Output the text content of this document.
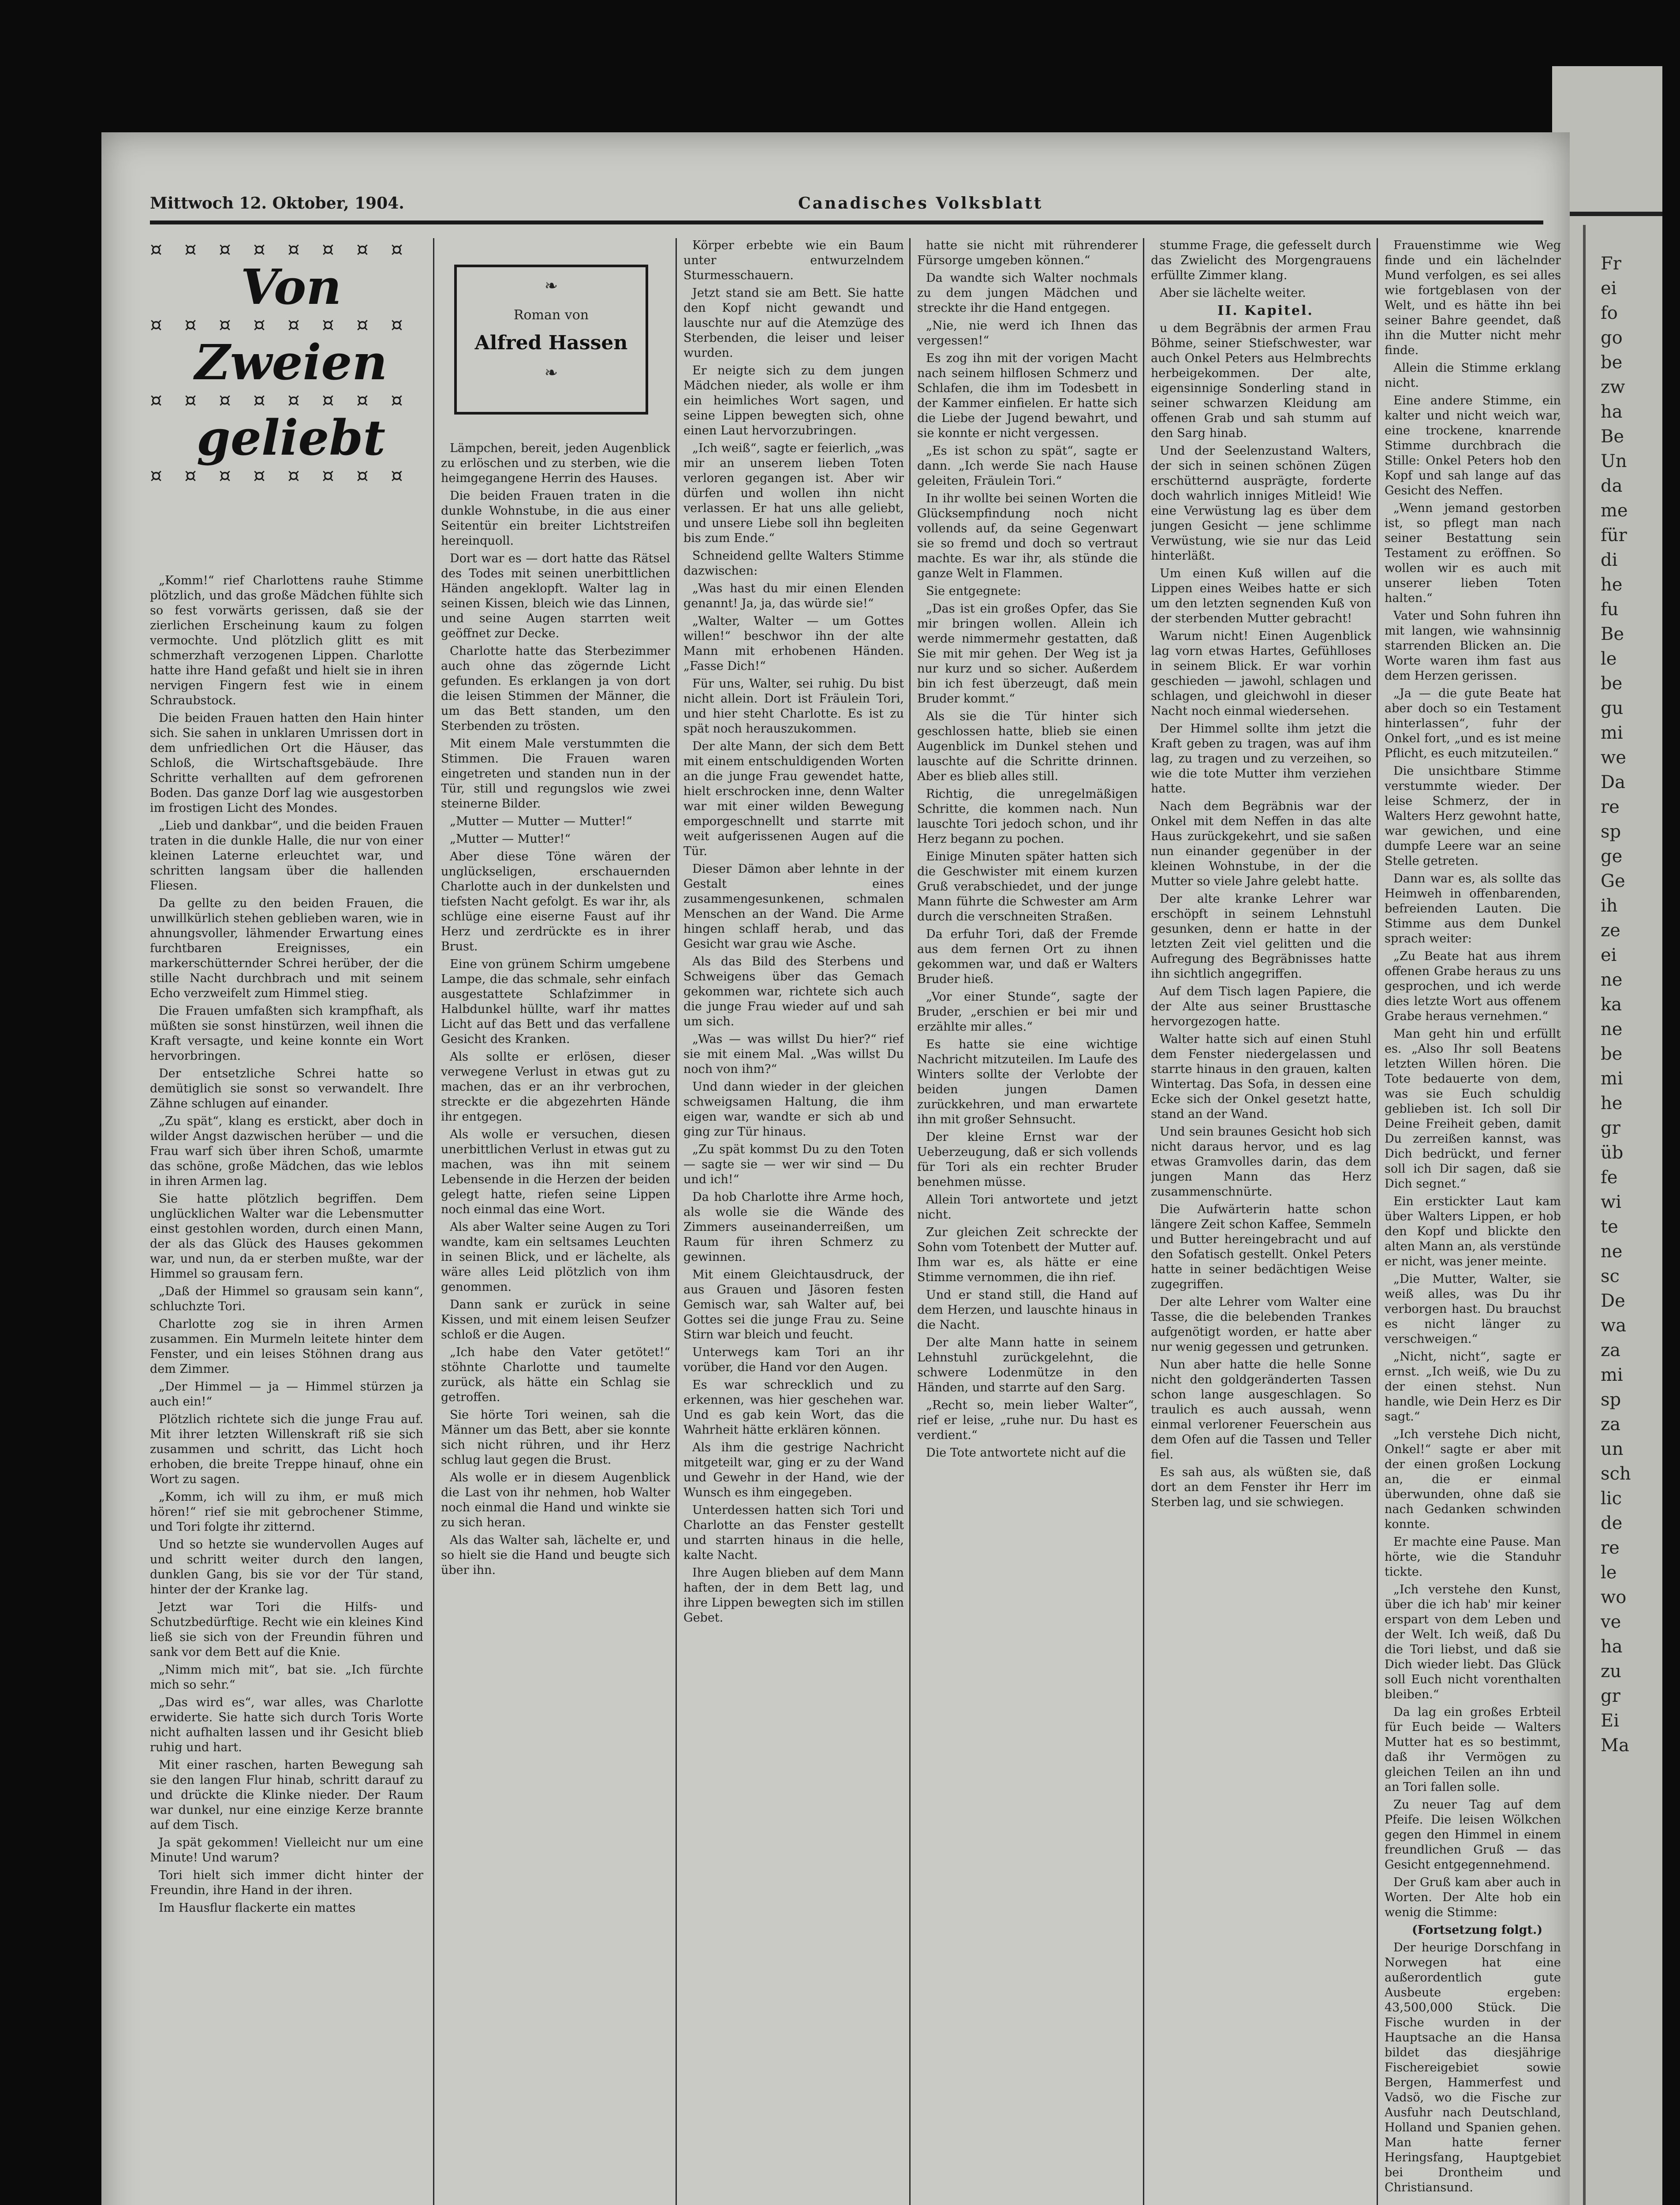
Fr
ei
fo
go
be
zw
ha
Be
Un
da
me
für
di
he
fu
Be
le
be
gu
mi
we
Da
re
sp
ge
Ge
ih
ze
ei
ne
ka
ne
be
mi
he
gr
üb
fe
wi
te
ne
sc
De
wa
za
mi
sp
za
un
sch
lic
de
re
le
wo
ve
ha
zu
gr
Ei
Ma
Mittwoch 12. Oktober, 1904.	Canadisches Volksblatt
¤ ¤ ¤ ¤ ¤ ¤ ¤ ¤
Von
¤ ¤ ¤ ¤ ¤ ¤ ¤ ¤
Zweien
¤ ¤ ¤ ¤ ¤ ¤ ¤ ¤
geliebt
¤ ¤ ¤ ¤ ¤ ¤ ¤ ¤
❧
Roman von
Alfred Hassen
❧

„Komm!“ rief Charlottens rauhe Stimme plötzlich, und das große Mädchen fühlte sich so fest vorwärts gerissen, daß sie der zierlichen Erscheinung kaum zu folgen vermochte. Und plötzlich glitt es mit schmerzhaft verzogenen Lippen. Charlotte hatte ihre Hand gefaßt und hielt sie in ihren nervigen Fingern fest wie in einem Schraubstock.

Die beiden Frauen hatten den Hain hinter sich. Sie sahen in unklaren Umrissen dort in dem unfriedlichen Ort die Häuser, das Schloß, die Wirtschaftsgebäude. Ihre Schritte verhallten auf dem gefrorenen Boden. Das ganze Dorf lag wie ausgestorben im frostigen Licht des Mondes.

„Lieb und dankbar“, und die beiden Frauen traten in die dunkle Halle, die nur von einer kleinen Laterne erleuchtet war, und schritten langsam über die hallenden Fliesen.

Da gellte zu den beiden Frauen, die unwillkürlich stehen geblieben waren, wie in ahnungsvoller, lähmender Erwartung eines furchtbaren Ereignisses, ein markerschütternder Schrei herüber, der die stille Nacht durchbrach und mit seinem Echo verzweifelt zum Himmel stieg.

Die Frauen umfaßten sich krampfhaft, als müßten sie sonst hinstürzen, weil ihnen die Kraft versagte, und keine konnte ein Wort hervorbringen.

Der entsetzliche Schrei hatte so demütiglich sie sonst so verwandelt. Ihre Zähne schlugen auf einander.

„Zu spät“, klang es erstickt, aber doch in wilder Angst dazwischen herüber — und die Frau warf sich über ihren Schoß, umarmte das schöne, große Mädchen, das wie leblos in ihren Armen lag.

Sie hatte plötzlich begriffen. Dem unglücklichen Walter war die Lebensmutter einst gestohlen worden, durch einen Mann, der als das Glück des Hauses gekommen war, und nun, da er sterben mußte, war der Himmel so grausam fern.

„Daß der Himmel so grausam sein kann“, schluchzte Tori.

Charlotte zog sie in ihren Armen zusammen. Ein Murmeln leitete hinter dem Fenster, und ein leises Stöhnen drang aus dem Zimmer.

„Der Himmel — ja — Himmel stürzen ja auch ein!“

Plötzlich richtete sich die junge Frau auf. Mit ihrer letzten Willenskraft riß sie sich zusammen und schritt, das Licht hoch erhoben, die breite Treppe hinauf, ohne ein Wort zu sagen.

„Komm, ich will zu ihm, er muß mich hören!“ rief sie mit gebrochener Stimme, und Tori folgte ihr zitternd.

Und so hetzte sie wundervollen Auges auf und schritt weiter durch den langen, dunklen Gang, bis sie vor der Tür stand, hinter der der Kranke lag.

Jetzt war Tori die Hilfs- und Schutzbedürftige. Recht wie ein kleines Kind ließ sie sich von der Freundin führen und sank vor dem Bett auf die Knie.

„Nimm mich mit“, bat sie. „Ich fürchte mich so sehr.“

„Das wird es“, war alles, was Charlotte erwiderte. Sie hatte sich durch Toris Worte nicht aufhalten lassen und ihr Gesicht blieb ruhig und hart.

Mit einer raschen, harten Bewegung sah sie den langen Flur hinab, schritt darauf zu und drückte die Klinke nieder. Der Raum war dunkel, nur eine einzige Kerze brannte auf dem Tisch.

Ja spät gekommen! Vielleicht nur um eine Minute! Und warum?

Tori hielt sich immer dicht hinter der Freundin, ihre Hand in der ihren.

Im Hausflur flackerte ein mattes

Lämpchen, bereit, jeden Augenblick zu erlöschen und zu sterben, wie die heimgegangene Herrin des Hauses.

Die beiden Frauen traten in die dunkle Wohnstube, in die aus einer Seitentür ein breiter Lichtstreifen hereinquoll.

Dort war es — dort hatte das Rätsel des Todes mit seinen unerbittlichen Händen angeklopft. Walter lag in seinen Kissen, bleich wie das Linnen, und seine Augen starrten weit geöffnet zur Decke.

Charlotte hatte das Sterbezimmer auch ohne das zögernde Licht gefunden. Es erklangen ja von dort die leisen Stimmen der Männer, die um das Bett standen, um den Sterbenden zu trösten.

Mit einem Male verstummten die Stimmen. Die Frauen waren eingetreten und standen nun in der Tür, still und regungslos wie zwei steinerne Bilder.

„Mutter — Mutter — Mutter!“

„Mutter — Mutter!“

Aber diese Töne wären der unglückseligen, erschauernden Charlotte auch in der dunkelsten und tiefsten Nacht gefolgt. Es war ihr, als schlüge eine eiserne Faust auf ihr Herz und zerdrückte es in ihrer Brust.

Eine von grünem Schirm umgebene Lampe, die das schmale, sehr einfach ausgestattete Schlafzimmer in Halbdunkel hüllte, warf ihr mattes Licht auf das Bett und das verfallene Gesicht des Kranken.

Als sollte er erlösen, dieser verwegene Verlust in etwas gut zu machen, das er an ihr verbrochen, streckte er die abgezehrten Hände ihr entgegen.

Als wolle er versuchen, diesen unerbittlichen Verlust in etwas gut zu machen, was ihn mit seinem Lebensende in die Herzen der beiden gelegt hatte, riefen seine Lippen noch einmal das eine Wort.

Als aber Walter seine Augen zu Tori wandte, kam ein seltsames Leuchten in seinen Blick, und er lächelte, als wäre alles Leid plötzlich von ihm genommen.

Dann sank er zurück in seine Kissen, und mit einem leisen Seufzer schloß er die Augen.

„Ich habe den Vater getötet!“ stöhnte Charlotte und taumelte zurück, als hätte ein Schlag sie getroffen.

Sie hörte Tori weinen, sah die Männer um das Bett, aber sie konnte sich nicht rühren, und ihr Herz schlug laut gegen die Brust.

Als wolle er in diesem Augenblick die Last von ihr nehmen, hob Walter noch einmal die Hand und winkte sie zu sich heran.

Als das Walter sah, lächelte er, und so hielt sie die Hand und beugte sich über ihn.

Körper erbebte wie ein Baum unter entwurzelndem Sturmesschauern.

Jetzt stand sie am Bett. Sie hatte den Kopf nicht gewandt und lauschte nur auf die Atemzüge des Sterbenden, die leiser und leiser wurden.

Er neigte sich zu dem jungen Mädchen nieder, als wolle er ihm ein heimliches Wort sagen, und seine Lippen bewegten sich, ohne einen Laut hervorzubringen.

„Ich weiß“, sagte er feierlich, „was mir an unserem lieben Toten verloren gegangen ist. Aber wir dürfen und wollen ihn nicht verlassen. Er hat uns alle geliebt, und unsere Liebe soll ihn begleiten bis zum Ende.“

Schneidend gellte Walters Stimme dazwischen:

„Was hast du mir einen Elenden genannt! Ja, ja, das würde sie!“

„Walter, Walter — um Gottes willen!“ beschwor ihn der alte Mann mit erhobenen Händen. „Fasse Dich!“

Für uns, Walter, sei ruhig. Du bist nicht allein. Dort ist Fräulein Tori, und hier steht Charlotte. Es ist zu spät noch herauszukommen.

Der alte Mann, der sich dem Bett mit einem entschuldigenden Worten an die junge Frau gewendet hatte, hielt erschrocken inne, denn Walter war mit einer wilden Bewegung emporgeschnellt und starrte mit weit aufgerissenen Augen auf die Tür.

Dieser Dämon aber lehnte in der Gestalt eines zusammengesunkenen, schmalen Menschen an der Wand. Die Arme hingen schlaff herab, und das Gesicht war grau wie Asche.

Als das Bild des Sterbens und Schweigens über das Gemach gekommen war, richtete sich auch die junge Frau wieder auf und sah um sich.

„Was — was willst Du hier?“ rief sie mit einem Mal. „Was willst Du noch von ihm?“

Und dann wieder in der gleichen schweigsamen Haltung, die ihm eigen war, wandte er sich ab und ging zur Tür hinaus.

„Zu spät kommst Du zu den Toten — sagte sie — wer wir sind — Du und ich!“

Da hob Charlotte ihre Arme hoch, als wolle sie die Wände des Zimmers auseinanderreißen, um Raum für ihren Schmerz zu gewinnen.

Mit einem Gleichtausdruck, der aus Grauen und Jäsoren festen Gemisch war, sah Walter auf, bei Gottes sei die junge Frau zu. Seine Stirn war bleich und feucht.

Unterwegs kam Tori an ihr vorüber, die Hand vor den Augen.

Es war schrecklich und zu erkennen, was hier geschehen war. Und es gab kein Wort, das die Wahrheit hätte erklären können.

Als ihm die gestrige Nachricht mitgeteilt war, ging er zu der Wand und Gewehr in der Hand, wie der Wunsch es ihm eingegeben.

Unterdessen hatten sich Tori und Charlotte an das Fenster gestellt und starrten hinaus in die helle, kalte Nacht.

Ihre Augen blieben auf dem Mann haften, der in dem Bett lag, und ihre Lippen bewegten sich im stillen Gebet.

hatte sie nicht mit rührenderer Fürsorge umgeben können.“

Da wandte sich Walter nochmals zu dem jungen Mädchen und streckte ihr die Hand entgegen.

„Nie, nie werd ich Ihnen das vergessen!“

Es zog ihn mit der vorigen Macht nach seinem hilflosen Schmerz und Schlafen, die ihm im Todesbett in der Kammer einfielen. Er hatte sich die Liebe der Jugend bewahrt, und sie konnte er nicht vergessen.

„Es ist schon zu spät“, sagte er dann. „Ich werde Sie nach Hause geleiten, Fräulein Tori.“

In ihr wollte bei seinen Worten die Glücksempfindung noch nicht vollends auf, da seine Gegenwart sie so fremd und doch so vertraut machte. Es war ihr, als stünde die ganze Welt in Flammen.

Sie entgegnete:

„Das ist ein großes Opfer, das Sie mir bringen wollen. Allein ich werde nimmermehr gestatten, daß Sie mit mir gehen. Der Weg ist ja nur kurz und so sicher. Außerdem bin ich fest überzeugt, daß mein Bruder kommt.“

Als sie die Tür hinter sich geschlossen hatte, blieb sie einen Augenblick im Dunkel stehen und lauschte auf die Schritte drinnen. Aber es blieb alles still.

Richtig, die unregelmäßigen Schritte, die kommen nach. Nun lauschte Tori jedoch schon, und ihr Herz begann zu pochen.

Einige Minuten später hatten sich die Geschwister mit einem kurzen Gruß verabschiedet, und der junge Mann führte die Schwester am Arm durch die verschneiten Straßen.

Da erfuhr Tori, daß der Fremde aus dem fernen Ort zu ihnen gekommen war, und daß er Walters Bruder hieß.

„Vor einer Stunde“, sagte der Bruder, „erschien er bei mir und erzählte mir alles.“

Es hatte sie eine wichtige Nachricht mitzuteilen. Im Laufe des Winters sollte der Verlobte der beiden jungen Damen zurückkehren, und man erwartete ihn mit großer Sehnsucht.

Der kleine Ernst war der Ueberzeugung, daß er sich vollends für Tori als ein rechter Bruder benehmen müsse.

Allein Tori antwortete und jetzt nicht.

Zur gleichen Zeit schreckte der Sohn vom Totenbett der Mutter auf. Ihm war es, als hätte er eine Stimme vernommen, die ihn rief.

Und er stand still, die Hand auf dem Herzen, und lauschte hinaus in die Nacht.

Der alte Mann hatte in seinem Lehnstuhl zurückgelehnt, die schwere Lodenmütze in den Händen, und starrte auf den Sarg.

„Recht so, mein lieber Walter“, rief er leise, „ruhe nur. Du hast es verdient.“

Die Tote antwortete nicht auf die

stumme Frage, die gefesselt durch das Zwielicht des Morgengrauens erfüllte Zimmer klang.

Aber sie lächelte weiter.

II. Kapitel.

u dem Begräbnis der armen Frau Böhme, seiner Stiefschwester, war auch Onkel Peters aus Helmbrechts herbeigekommen. Der alte, eigensinnige Sonderling stand in seiner schwarzen Kleidung am offenen Grab und sah stumm auf den Sarg hinab.

Und der Seelenzustand Walters, der sich in seinen schönen Zügen erschütternd ausprägte, forderte doch wahrlich inniges Mitleid! Wie eine Verwüstung lag es über dem jungen Gesicht — jene schlimme Verwüstung, wie sie nur das Leid hinterläßt.

Um einen Kuß willen auf die Lippen eines Weibes hatte er sich um den letzten segnenden Kuß von der sterbenden Mutter gebracht!

Warum nicht! Einen Augenblick lag vorn etwas Hartes, Gefühlloses in seinem Blick. Er war vorhin geschieden — jawohl, schlagen und schlagen, und gleichwohl in dieser Nacht noch einmal wiedersehen.

Der Himmel sollte ihm jetzt die Kraft geben zu tragen, was auf ihm lag, zu tragen und zu verzeihen, so wie die tote Mutter ihm verziehen hatte.

Nach dem Begräbnis war der Onkel mit dem Neffen in das alte Haus zurückgekehrt, und sie saßen nun einander gegenüber in der kleinen Wohnstube, in der die Mutter so viele Jahre gelebt hatte.

Der alte kranke Lehrer war erschöpft in seinem Lehnstuhl gesunken, denn er hatte in der letzten Zeit viel gelitten und die Aufregung des Begräbnisses hatte ihn sichtlich angegriffen.

Auf dem Tisch lagen Papiere, die der Alte aus seiner Brusttasche hervorgezogen hatte.

Walter hatte sich auf einen Stuhl dem Fenster niedergelassen und starrte hinaus in den grauen, kalten Wintertag. Das Sofa, in dessen eine Ecke sich der Onkel gesetzt hatte, stand an der Wand.

Und sein braunes Gesicht hob sich nicht daraus hervor, und es lag etwas Gramvolles darin, das dem jungen Mann das Herz zusammenschnürte.

Die Aufwärterin hatte schon längere Zeit schon Kaffee, Semmeln und Butter hereingebracht und auf den Sofatisch gestellt. Onkel Peters hatte in seiner bedächtigen Weise zugegriffen.

Der alte Lehrer vom Walter eine Tasse, die die belebenden Trankes aufgenötigt worden, er hatte aber nur wenig gegessen und getrunken.

Nun aber hatte die helle Sonne nicht den goldgeränderten Tassen schon lange ausgeschlagen. So traulich es auch aussah, wenn einmal verlorener Feuerschein aus dem Ofen auf die Tassen und Teller fiel.

Es sah aus, als wüßten sie, daß dort an dem Fenster ihr Herr im Sterben lag, und sie schwiegen.

Frauenstimme wie Weg finde und ein lächelnder Mund verfolgen, es sei alles wie fortgeblasen von der Welt, und es hätte ihn bei seiner Bahre geendet, daß ihn die Mutter nicht mehr finde.

Allein die Stimme erklang nicht.

Eine andere Stimme, ein kalter und nicht weich war, eine trockene, knarrende Stimme durchbrach die Stille: Onkel Peters hob den Kopf und sah lange auf das Gesicht des Neffen.

„Wenn jemand gestorben ist, so pflegt man nach seiner Bestattung sein Testament zu eröffnen. So wollen wir es auch mit unserer lieben Toten halten.“

Vater und Sohn fuhren ihn mit langen, wie wahnsinnig starrenden Blicken an. Die Worte waren ihm fast aus dem Herzen gerissen.

„Ja — die gute Beate hat aber doch so ein Testament hinterlassen“, fuhr der Onkel fort, „und es ist meine Pflicht, es euch mitzuteilen.“

Die unsichtbare Stimme verstummte wieder. Der leise Schmerz, der in Walters Herz gewohnt hatte, war gewichen, und eine dumpfe Leere war an seine Stelle getreten.

Dann war es, als sollte das Heimweh in offenbarenden, befreienden Lauten. Die Stimme aus dem Dunkel sprach weiter:

„Zu Beate hat aus ihrem offenen Grabe heraus zu uns gesprochen, und ich werde dies letzte Wort aus offenem Grabe heraus vernehmen.“

Man geht hin und erfüllt es. „Also Ihr soll Beatens letzten Willen hören. Die Tote bedauerte von dem, was sie Euch schuldig geblieben ist. Ich soll Dir Deine Freiheit geben, damit Du zerreißen kannst, was Dich bedrückt, und ferner soll ich Dir sagen, daß sie Dich segnet.“

Ein erstickter Laut kam über Walters Lippen, er hob den Kopf und blickte den alten Mann an, als verstünde er nicht, was jener meinte.

„Die Mutter, Walter, sie weiß alles, was Du ihr verborgen hast. Du brauchst es nicht länger zu verschweigen.“

„Nicht, nicht“, sagte er ernst. „Ich weiß, wie Du zu der einen stehst. Nun handle, wie Dein Herz es Dir sagt.“

„Ich verstehe Dich nicht, Onkel!“ sagte er aber mit der einen großen Lockung an, die er einmal überwunden, ohne daß sie nach Gedanken schwinden konnte.

Er machte eine Pause. Man hörte, wie die Standuhr tickte.

„Ich verstehe den Kunst, über die ich hab' mir keiner erspart von dem Leben und der Welt. Ich weiß, daß Du die Tori liebst, und daß sie Dich wieder liebt. Das Glück soll Euch nicht vorenthalten bleiben.“

Da lag ein großes Erbteil für Euch beide — Walters Mutter hat es so bestimmt, daß ihr Vermögen zu gleichen Teilen an ihn und an Tori fallen solle.

Zu neuer Tag auf dem Pfeife. Die leisen Wölkchen gegen den Himmel in einem freundlichen Gruß — das Gesicht entgegennehmend.

Der Gruß kam aber auch in Worten. Der Alte hob ein wenig die Stimme:

(Fortsetzung folgt.)

Der heurige Dorschfang in Norwegen hat eine außerordentlich gute Ausbeute ergeben: 43,500,000 Stück. Die Fische wurden in der Hauptsache an die Hansa bildet das diesjährige Fischereigebiet sowie Bergen, Hammerfest und Vadsö, wo die Fische zur Ausfuhr nach Deutschland, Holland und Spanien gehen. Man hatte ferner Heringsfang, Hauptgebiet bei Drontheim und Christiansund.
